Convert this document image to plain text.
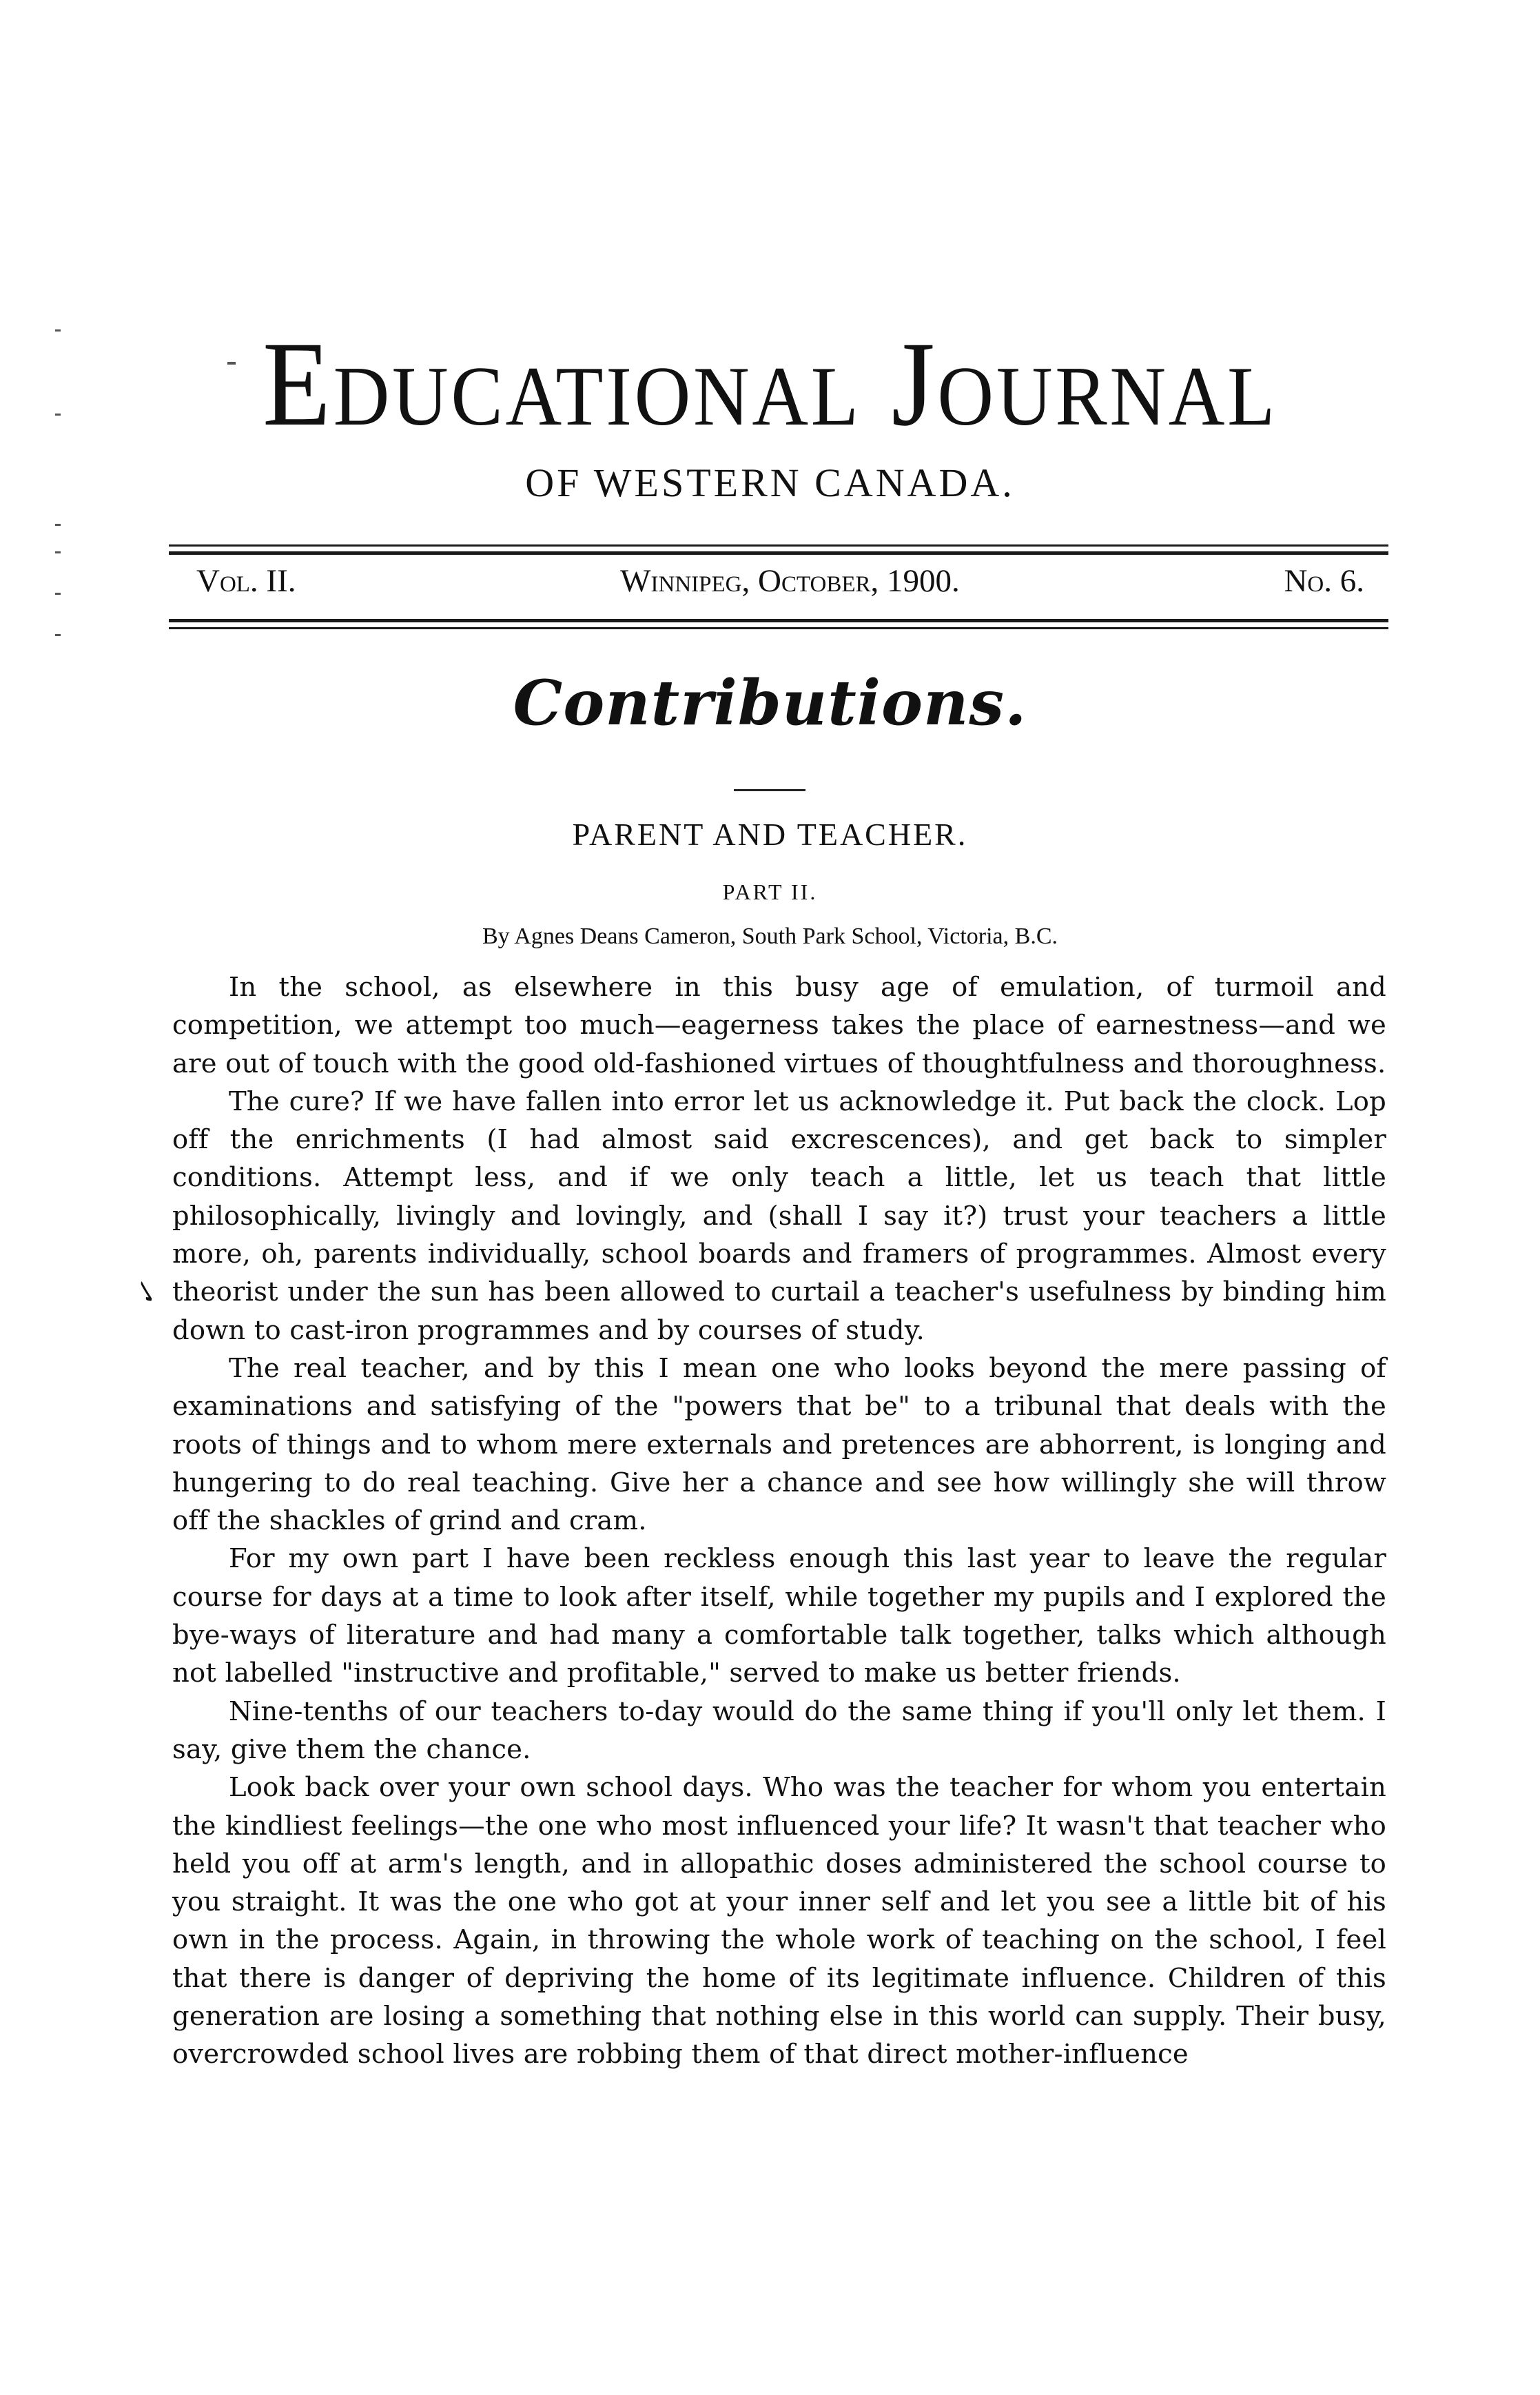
Educational Journal
OF WESTERN CANADA.
Vol. II.	Winnipeg, October, 1900.	No. 6.
Contributions.
PARENT AND TEACHER.
PART II.
By Agnes Deans Cameron, South Park School, Victoria, B.C.
✓

In the school, as elsewhere in this busy age of emulation, of turmoil and competition, we attempt too much—eagerness takes the place of earnestness—and we are out of touch with the good old-fashioned virtues of thoughtfulness and thoroughness.

The cure? If we have fallen into error let us acknowledge it. Put back the clock. Lop off the enrichments (I had almost said excrescences), and get back to simpler conditions. Attempt less, and if we only teach a little, let us teach that little philosophically, livingly and lovingly, and (shall I say it?) trust your teachers a little more, oh, parents individually, school boards and framers of programmes. Almost every theorist under the sun has been allowed to curtail a teacher's usefulness by binding him down to cast-iron programmes and by courses of study.

The real teacher, and by this I mean one who looks beyond the mere passing of examinations and satisfying of the "powers that be" to a tribunal that deals with the roots of things and to whom mere externals and pretences are abhorrent, is longing and hungering to do real teaching. Give her a chance and see how willingly she will throw off the shackles of grind and cram.

For my own part I have been reckless enough this last year to leave the regular course for days at a time to look after itself, while together my pupils and I explored the bye-ways of literature and had many a comfortable talk together, talks which although not labelled "instructive and profitable," served to make us better friends.

Nine-tenths of our teachers to-day would do the same thing if you'll only let them. I say, give them the chance.

Look back over your own school days. Who was the teacher for whom you entertain the kindliest feelings—the one who most influenced your life? It wasn't that teacher who held you off at arm's length, and in allopathic doses administered the school course to you straight. It was the one who got at your inner self and let you see a little bit of his own in the process. Again, in throwing the whole work of teaching on the school, I feel that there is danger of depriving the home of its legitimate influence. Children of this generation are losing a something that nothing else in this world can supply. Their busy, overcrowded school lives are robbing them of that direct mother-influence
